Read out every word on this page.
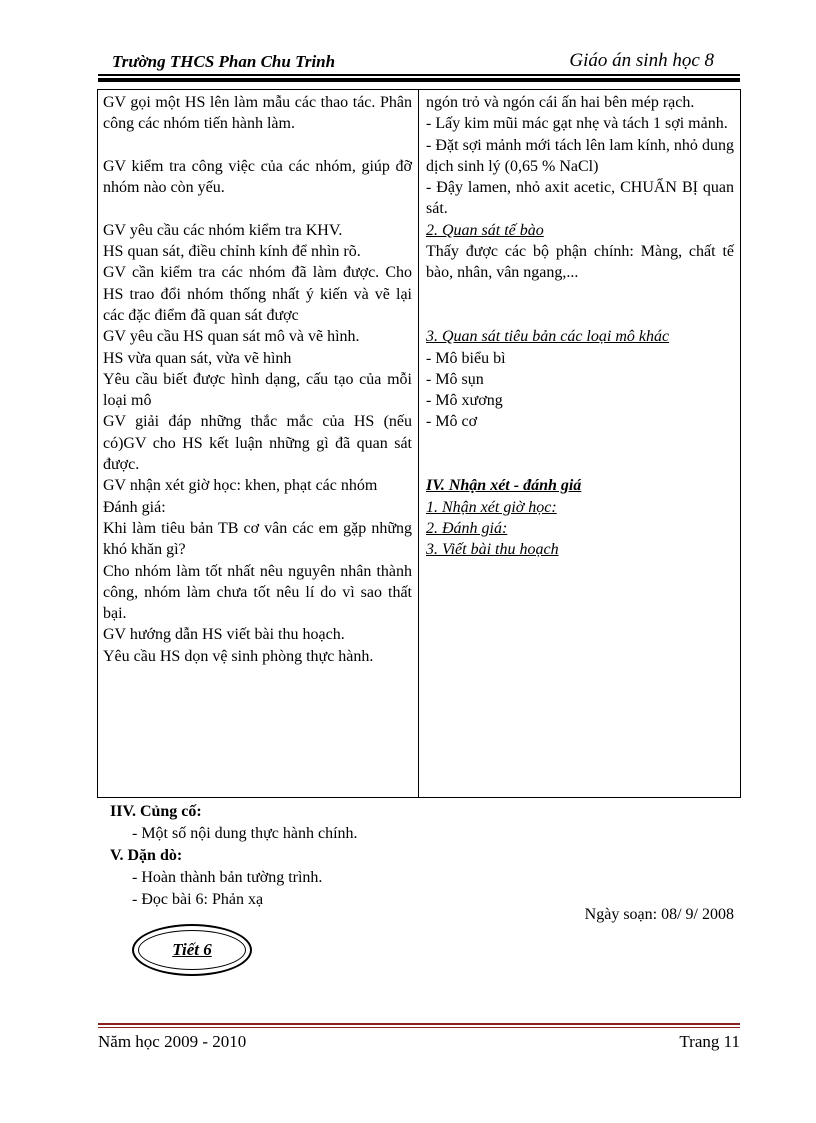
Trường THCS Phan Chu Trinh	Giáo án sinh học 8

GV gọi một HS lên làm mẫu các thao tác. Phân công các nhóm tiến hành làm.

GV kiểm tra công việc của các nhóm, giúp đỡ nhóm nào còn yếu.

GV yêu cầu các nhóm kiểm tra KHV.

HS quan sát, điều chỉnh kính để nhìn rõ.

GV cần kiểm tra các nhóm đã làm được. Cho HS trao đổi nhóm thống nhất ý kiến và vẽ lại các đặc điểm đã quan sát được

GV yêu cầu HS quan sát mô và vẽ hình.

HS vừa quan sát, vừa vẽ hình

Yêu cầu biết được hình dạng, cấu tạo của mỗi loại mô

GV giải đáp những thắc mắc của HS (nếu có)GV cho HS kết luận những gì đã quan sát được.

GV nhận xét giờ học: khen, phạt các nhóm

Đánh giá:

Khi làm tiêu bản TB cơ vân các em gặp những khó khăn gì?

Cho nhóm làm tốt nhất nêu nguyên nhân thành công, nhóm làm chưa tốt nêu lí do vì sao thất bại.

GV hướng dẫn HS viết bài thu hoạch.

Yêu cầu HS dọn vệ sinh phòng thực hành.

ngón trỏ và ngón cái ấn hai bên mép rạch.

- Lấy kim mũi mác gạt nhẹ và tách 1 sợi mảnh.

- Đặt sợi mảnh mới tách lên lam kính, nhỏ dung dịch sinh lý (0,65 % NaCl)

- Đậy lamen, nhỏ axit acetic, CHUẨN BỊ quan sát.

2. Quan sát tế bào

Thấy được các bộ phận chính: Màng, chất tế bào, nhân, vân ngang,...

3. Quan sát tiêu bản các loại mô khác

- Mô biểu bì

- Mô sụn

- Mô xương

- Mô cơ

IV. Nhận xét - đánh giá

1. Nhận xét giờ học:

2. Đánh giá:

3. Viết bài thu hoạch

IIV. Củng cố:

- Một số nội dung thực hành chính.

V. Dặn dò:

- Hoàn thành bản tường trình.

- Đọc bài 6: Phản xạ

Ngày soạn: 08/ 9/ 2008
Tiết 6
Năm học 2009 - 2010	Trang 11
